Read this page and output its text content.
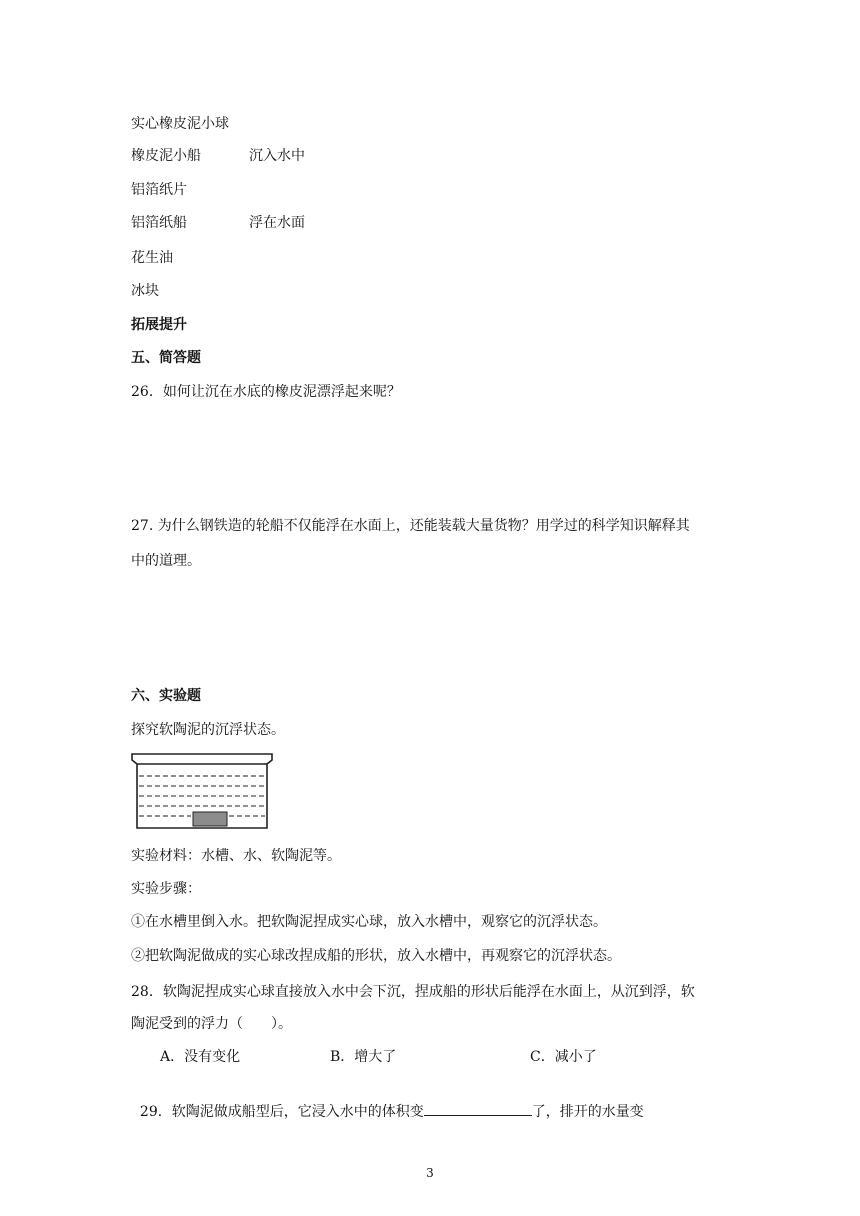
实心橡皮泥小球
橡皮泥小船	沉入水中
铝箔纸片
铝箔纸船	浮在水面
花生油
冰块
拓展提升
五、简答题
26．如何让沉在水底的橡皮泥漂浮起来呢？
27. 为什么钢铁造的轮船不仅能浮在水面上，还能装载大量货物？用学过的科学知识解释其
中的道理。
六、实验题
探究软陶泥的沉浮状态。
实验材料：水槽、水、软陶泥等。
实验步骤：
①在水槽里倒入水。把软陶泥捏成实心球，放入水槽中，观察它的沉浮状态。
②把软陶泥做成的实心球改捏成船的形状，放入水槽中，再观察它的沉浮状态。
28．软陶泥捏成实心球直接放入水中会下沉，捏成船的形状后能浮在水面上，从沉到浮，软
陶泥受到的浮力（　　）。
A．没有变化	B．增大了	C．减小了

29．软陶泥做成船型后，它浸入水中的体积变	了，排开的水量变

3
